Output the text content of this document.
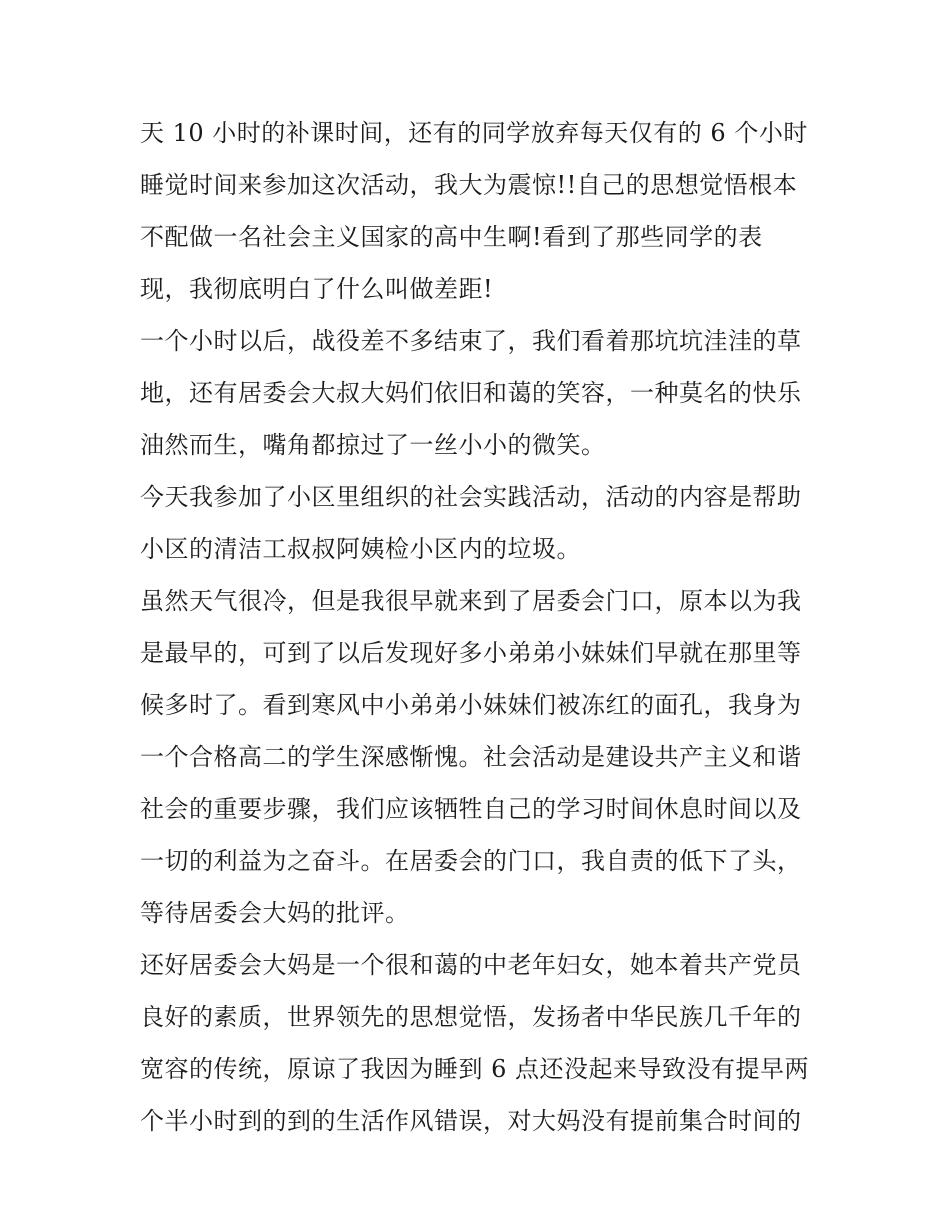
天 10 小时的补课时间，还有的同学放弃每天仅有的 6 个小时
睡觉时间来参加这次活动，我大为震惊!!自己的思想觉悟根本
不配做一名社会主义国家的高中生啊!看到了那些同学的表
现，我彻底明白了什么叫做差距!
一个小时以后，战役差不多结束了，我们看着那坑坑洼洼的草
地，还有居委会大叔大妈们依旧和蔼的笑容，一种莫名的快乐
油然而生，嘴角都掠过了一丝小小的微笑。
今天我参加了小区里组织的社会实践活动，活动的内容是帮助
小区的清洁工叔叔阿姨检小区内的垃圾。
虽然天气很冷，但是我很早就来到了居委会门口，原本以为我
是最早的，可到了以后发现好多小弟弟小妹妹们早就在那里等
候多时了。看到寒风中小弟弟小妹妹们被冻红的面孔，我身为
一个合格高二的学生深感惭愧。社会活动是建设共产主义和谐
社会的重要步骤，我们应该牺牲自己的学习时间休息时间以及
一切的利益为之奋斗。在居委会的门口，我自责的低下了头，
等待居委会大妈的批评。
还好居委会大妈是一个很和蔼的中老年妇女，她本着共产党员
良好的素质，世界领先的思想觉悟，发扬者中华民族几千年的
宽容的传统，原谅了我因为睡到 6 点还没起来导致没有提早两
个半小时到的到的生活作风错误，对大妈没有提前集合时间的
